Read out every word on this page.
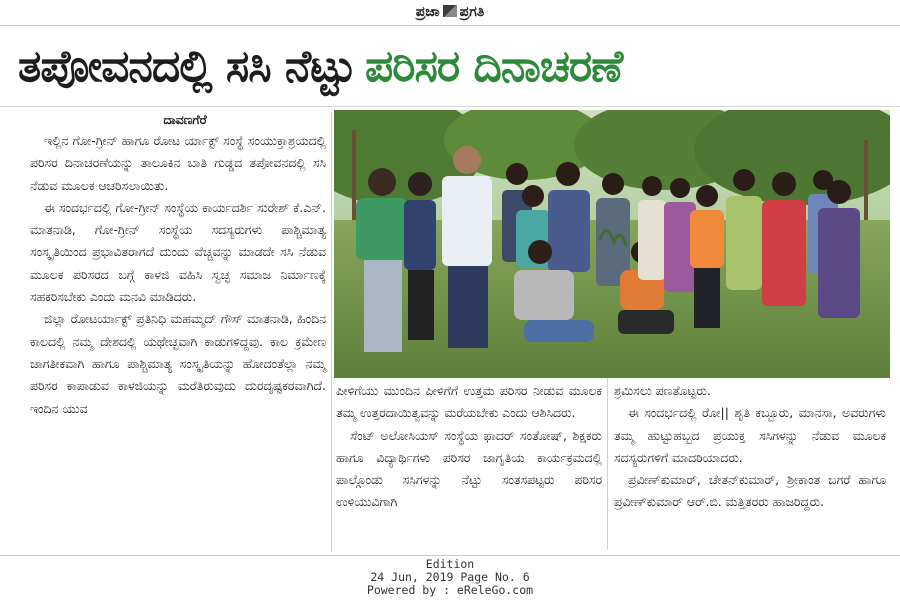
ಪ್ರಜಾ ಪ್ರಗತಿ
ತಪೋವನದಲ್ಲಿ ಸಸಿ ನೆಟ್ಟು ಪರಿಸರ ದಿನಾಚರಣೆ

ದಾವಣಗೆರೆ

ಇಲ್ಲಿನ ಗೋ-ಗ್ರೀನ್ ಹಾಗೂ ರೋಟ ರ್ಯಾಕ್ಟ್ ಸಂಸ್ಥೆ ಸಂಯುಕ್ತಾಶ್ರಯದಲ್ಲಿ ಪರಿಸರ ದಿನಾಚರಣೆಯನ್ನು ತಾಲೂಕಿನ ಬಾತಿ ಗುಡ್ಡದ ತಪೋವನದಲ್ಲಿ ಸಸಿ ನೆಡುವ ಮೂಲಕ ಆಚರಿಸಲಾಯಿತು.

ಈ ಸಂದರ್ಭದಲ್ಲಿ ಗೋ-ಗ್ರೀನ್ ಸಂಸ್ಥೆಯ ಕಾರ್ಯದರ್ಶಿ ಸುರೇಶ್ ಕೆ.ಎನ್. ಮಾತನಾಡಿ, ಗೋ-ಗ್ರೀನ್ ಸಂಸ್ಥೆಯ ಸದಸ್ಯರುಗಳು ಪಾಶ್ಚಿಮಾತ್ಯ ಸಂಸ್ಕೃತಿಯಿಂದ ಪ್ರಭಾವಿತರಾಗದೆ ದುಂದು ವೆಚ್ಚವನ್ನು ಮಾಡದೇ ಸಸಿ ನೆಡುವ ಮೂಲಕ ಪರಿಸರದ ಬಗ್ಗೆ ಕಾಳಜಿ ವಹಿಸಿ ಸ್ವಚ್ಛ ಸಮಾಜ ನಿರ್ಮಾಣಕ್ಕೆ ಸಹಕರಿಸಬೇಕು ಎಂದು ಮನವಿ ಮಾಡಿದರು.

ಜಿಲ್ಲಾ ರೋಟರ್ಯಾಕ್ಟ್ ಪ್ರತಿನಿಧಿ ಮಹಮ್ಮದ್ ಗೌಸ್ ಮಾತನಾಡಿ, ಹಿಂದಿನ ಕಾಲದಲ್ಲಿ ನಮ್ಮ ದೇಶದಲ್ಲಿ ಯಥೇಚ್ಛವಾಗಿ ಕಾಡುಗಳಿದ್ದವು. ಕಾಲ ಕ್ರಮೇಣ ಜಾಗತೀಕವಾಗಿ ಹಾಗೂ ಪಾಶ್ಚಿಮಾತ್ಯ ಸಂಸ್ಕೃತಿಯನ್ನು ಹೋದಂತೆಲ್ಲಾ ನಮ್ಮ ಪರಿಸರ ಕಾಪಾಡುವ ಕಾಳಜಿಯನ್ನು ಮರೆತಿರುವುದು ದುರದೃಷ್ಟಕರವಾಗಿದೆ. ಇಂದಿನ ಯುವ

ಪೀಳಿಗೆಯು ಮುಂದಿನ ಪೀಳಿಗೆಗೆ ಉತ್ತಮ ಪರಿಸರ ನೀಡುವ ಮೂಲಕ ತಮ್ಮ ಉತ್ತರದಾಯಿತ್ವವನ್ನು ಮರೆಯಬೇಕು ಎಂದು ಆಶಿಸಿದರು.

ಸೆಂಟ್ ಅಲೋಸಿಯಸ್ ಸಂಸ್ಥೆಯ ಫಾದರ್ ಸಂತೋಷ್, ಶಿಕ್ಷಕರು ಹಾಗೂ ವಿದ್ಯಾರ್ಥಿಗಳು ಪರಿಸರ ಜಾಗೃತಿಯ ಕಾರ್ಯಕ್ರಮದಲ್ಲಿ ಪಾಲ್ಗೊಂಡು ಸಸಿಗಳನ್ನು ನೆಟ್ಟು ಸಂತಸಪಟ್ಟರು ಪರಿಸರ ಉಳಿಯುವಿಗಾಗಿ

ಶ್ರಮಿಸಲು ಪಣತೊಟ್ಟರು.

ಈ ಸಂದರ್ಭದಲ್ಲಿ ರೋ|| ಶೃತಿ ಕಬ್ಬೂರು, ಮಾನಸಾ, ಅವರುಗಳು ತಮ್ಮ ಹುಟ್ಟುಹಬ್ಬದ ಪ್ರಯುಕ್ತ ಸಸಿಗಳನ್ನು ನೆಡುವ ಮೂಲಕ ಸದಸ್ಯರುಗಳಿಗೆ ಮಾದರಿಯಾದರು.

ಪ್ರವೀಣ್‌ಕುಮಾರ್, ಚೇತನ್‌ಕುಮಾರ್, ಶ್ರೀಕಾಂತ ಬಗರೆ ಹಾಗೂ ಪ್ರವೀಣ್‌ಕುಮಾರ್ ಆರ್.ಬಿ. ಮತ್ತಿತರರು ಹಾಜರಿದ್ದರು.

Edition
24 Jun, 2019 Page No. 6
Powered by : eReleGo.com
